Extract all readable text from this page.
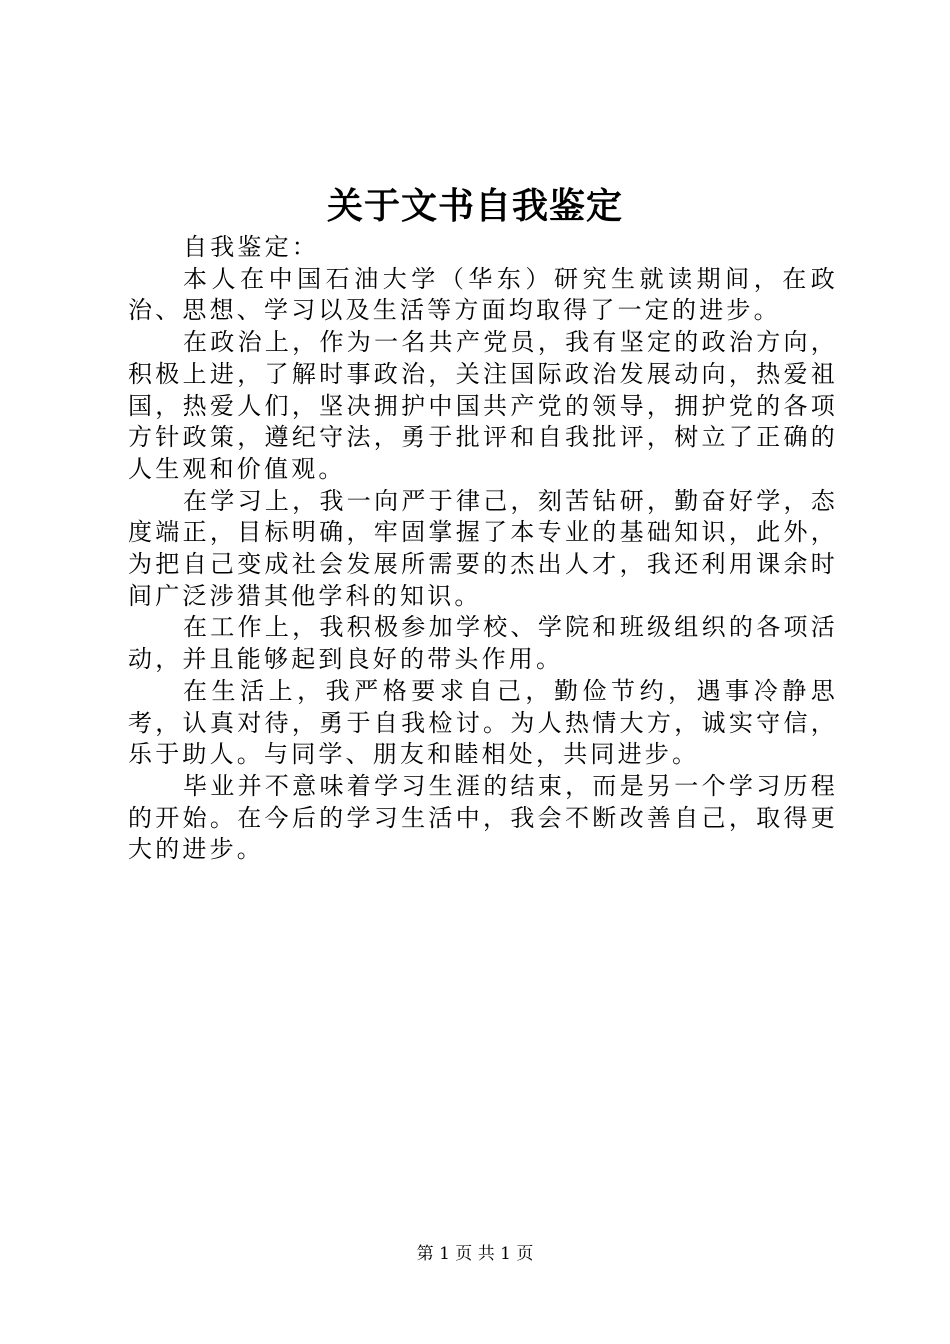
关于文书自我鉴定

自我鉴定：

本人在中国石油大学（华东）研究生就读期间，在政治、思想、学习以及生活等方面均取得了一定的进步。

在政治上，作为一名共产党员，我有坚定的政治方向，积极上进，了解时事政治，关注国际政治发展动向，热爱祖国，热爱人们，坚决拥护中国共产党的领导，拥护党的各项方针政策，遵纪守法，勇于批评和自我批评，树立了正确的人生观和价值观。

在学习上，我一向严于律己，刻苦钻研，勤奋好学，态度端正，目标明确，牢固掌握了本专业的基础知识，此外，为把自己变成社会发展所需要的杰出人才，我还利用课余时间广泛涉猎其他学科的知识。

在工作上，我积极参加学校、学院和班级组织的各项活动，并且能够起到良好的带头作用。

在生活上，我严格要求自己，勤俭节约，遇事冷静思考，认真对待，勇于自我检讨。为人热情大方，诚实守信，乐于助人。与同学、朋友和睦相处，共同进步。

毕业并不意味着学习生涯的结束，而是另一个学习历程的开始。在今后的学习生活中，我会不断改善自己，取得更大的进步。

第 1 页 共 1 页
